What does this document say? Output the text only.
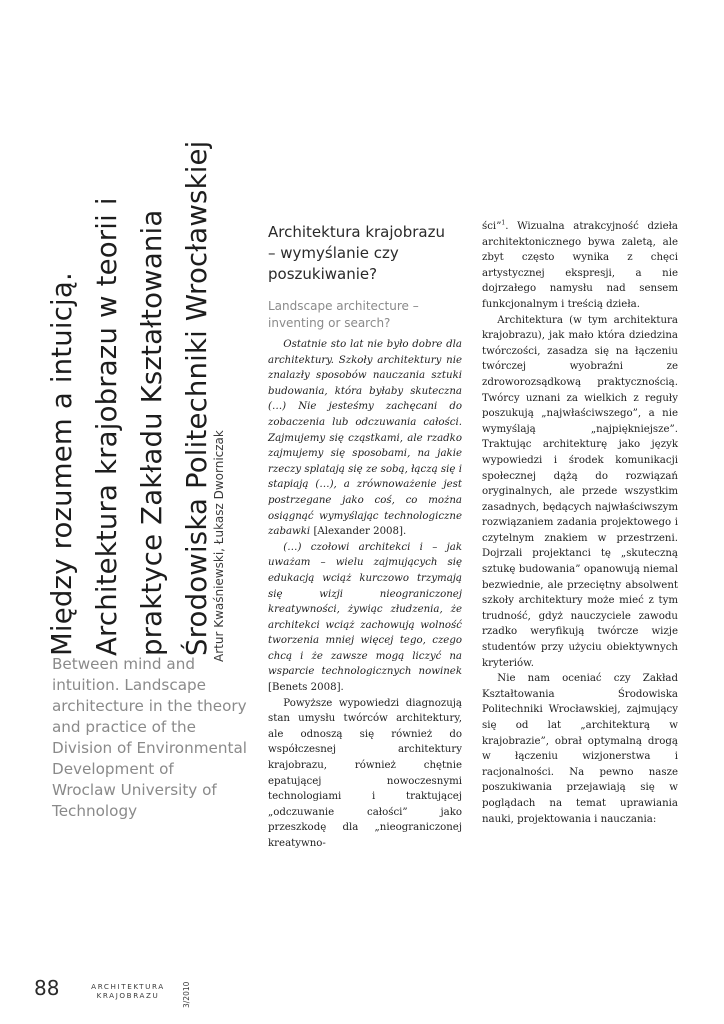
Między rozumem a intuicją. Architektura krajobrazu w teorii i praktyce Zakładu Kształtowania Środowiska Politechniki Wrocławskiej Artur Kwaśniewski, Łukasz Dworniczak
Between mind and
intuition. Landscape
architecture in the theory
and practice of the
Division of Environmental
Development of
Wroclaw University of
Technology
Architektura krajobrazu
– wymyślanie czy
poszukiwanie?
Landscape architecture –
inventing or search?

Ostatnie sto lat nie było dobre dla architektury. Szkoły architektury nie znalazły sposobów nauczania sztuki budowania, która byłaby skuteczna (…) Nie jesteśmy zachęcani do zobaczenia lub odczuwania całości. Zajmujemy się cząstkami, ale rzadko zajmujemy się sposobami, na jakie rzeczy splatają się ze sobą, łączą się i stapiają (…), a zrównoważenie jest postrzegane jako coś, co można osiągnąć wymyślając technologiczne zabawki [Alexander 2008].

(…) czołowi architekci i – jak uważam – wielu zajmujących się edukacją wciąż kurczowo trzymają się wizji nieograniczonej kreatywności, żywiąc złudzenia, że architekci wciąż zachowują wolność tworzenia mniej więcej tego, czego chcą i że zawsze mogą liczyć na wsparcie technologicznych nowinek [Benets 2008].

Powyższe wypowiedzi diagnozują stan umysłu twórców architektury, ale odnoszą się również do współczesnej architektury krajobrazu, również chętnie epatującej nowoczesnymi technologiami i traktującej „odczuwanie całości” jako przeszkodę dla „nieograniczonej kreatywno-

ści”$^1$. Wizualna atrakcyjność dzieła architektonicznego bywa zaletą, ale zbyt często wynika z chęci artystycznej ekspresji, a nie dojrzałego namysłu nad sensem funkcjonalnym i treścią dzieła.

Architektura (w tym architektura krajobrazu), jak mało która dziedzina twórczości, zasadza się na łączeniu twórczej wyobraźni ze zdroworozsądkową praktycznością. Twórcy uznani za wielkich z reguły poszukują „najwłaściwszego”, a nie wymyślają „najpiękniejsze”. Traktując architekturę jako język wypowiedzi i środek komunikacji społecznej dążą do rozwiązań oryginalnych, ale przede wszystkim zasadnych, będących najwłaściwszym rozwiązaniem zadania projektowego i czytelnym znakiem w przestrzeni. Dojrzali projektanci tę „skuteczną sztukę budowania” opanowują niemal bezwiednie, ale przeciętny absolwent szkoły architektury może mieć z tym trudność, gdyż nauczyciele zawodu rzadko weryfikują twórcze wizje studentów przy użyciu obiektywnych kryteriów.

Nie nam oceniać czy Zakład Kształtowania Środowiska Politechniki Wrocławskiej, zajmujący się od lat „architekturą w krajobrazie”, obrał optymalną drogą w łączeniu wizjonerstwa i racjonalności. Na pewno nasze poszukiwania przejawiają się w poglądach na temat uprawiania nauki, projektowania i nauczania:

88	ARCHITEKTURA
KRAJOBRAZU	3/2010
